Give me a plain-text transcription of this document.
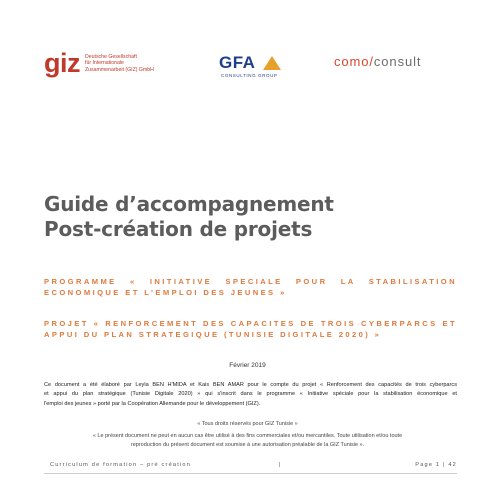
giz Deutsche Gesellschaft
für Internationale
Zusammenarbeit (GIZ) GmbH	GFA
CONSULTING GROUP
como/consult
Guide d’accompagnement
Post-création de projets
PROGRAMME « INITIATIVE SPECIALE POUR LA STABILISATION
ECONOMIQUE ET L’EMPLOI DES JEUNES »
PROJET « RENFORCEMENT DES CAPACITES DE TROIS CYBERPARCS ET
APPUI DU PLAN STRATEGIQUE (TUNISIE DIGITALE 2020) »
Février 2019
Ce document a été élaboré par Leyla BEN H'MIDA et Kais BEN AMAR pour le compte du projet « Renforcement des capacités de trois cyberparcs
et appui du plan stratégique (Tunisie Digitale 2020) » qui s'inscrit dans le programme « Initiative spéciale pour la stabilisation économique et
l'emploi des jeunes » porté par la Coopération Allemande pour le développement (GIZ).
« Tous droits réservés pour GIZ Tunisie »
« Le présent document ne peut en aucun cas être utilisé à des fins commerciales et/ou mercantiles. Toute utilisation et/ou toute
reproduction du présent document est soumise à une autorisation préalable de la GIZ Tunisie ».
Curriculum de formation – pré création	|	Page 1 | 42
